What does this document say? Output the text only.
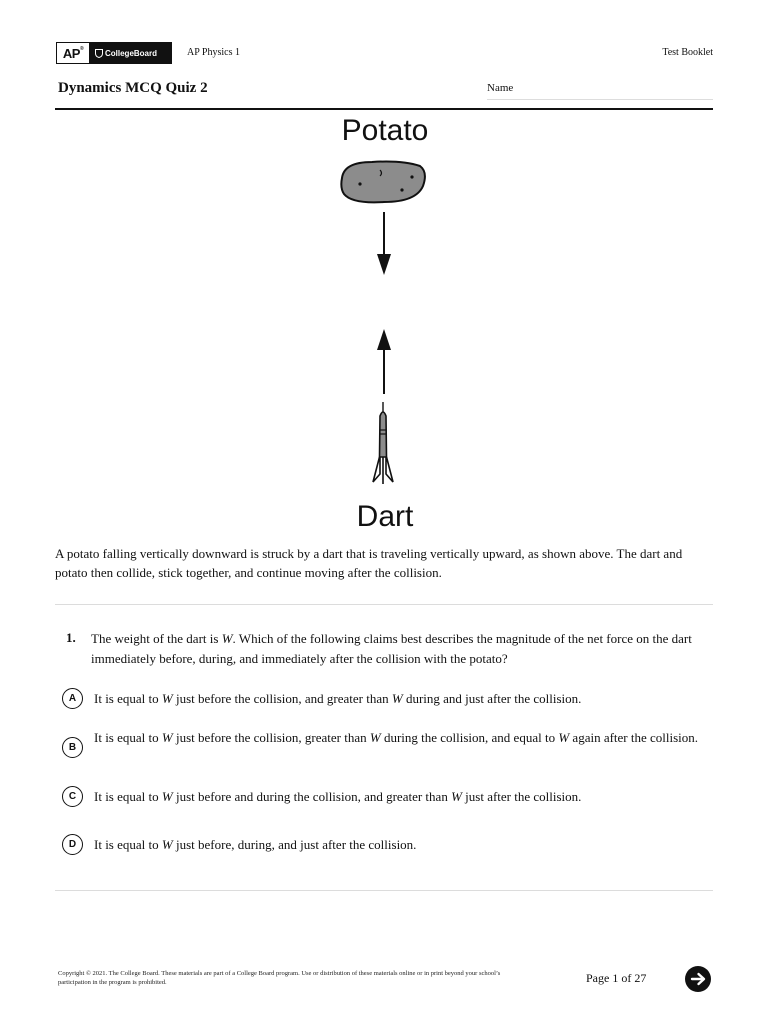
AP®	CollegeBoard	AP Physics 1	Test Booklet
Dynamics MCQ Quiz 2	Name
Potato
Dart
A potato falling vertically downward is struck by a dart that is traveling vertically upward, as shown above. The dart and potato then collide, stick together, and continue moving after the collision.
1. The weight of the dart is W. Which of the following claims best describes the magnitude of the net force on the dart immediately before, during, and immediately after the collision with the potato?
A	It is equal to W just before the collision, and greater than W during and just after the collision.
B
It is equal to W just before the collision, greater than W during the collision, and equal to W again after the collision.
C	It is equal to W just before and during the collision, and greater than W just after the collision.
D	It is equal to W just before, during, and just after the collision.
Copyright © 2021. The College Board. These materials are part of a College Board program. Use or distribution of these materials online or in print beyond your school’s participation in the program is prohibited.	Page 1 of 27
